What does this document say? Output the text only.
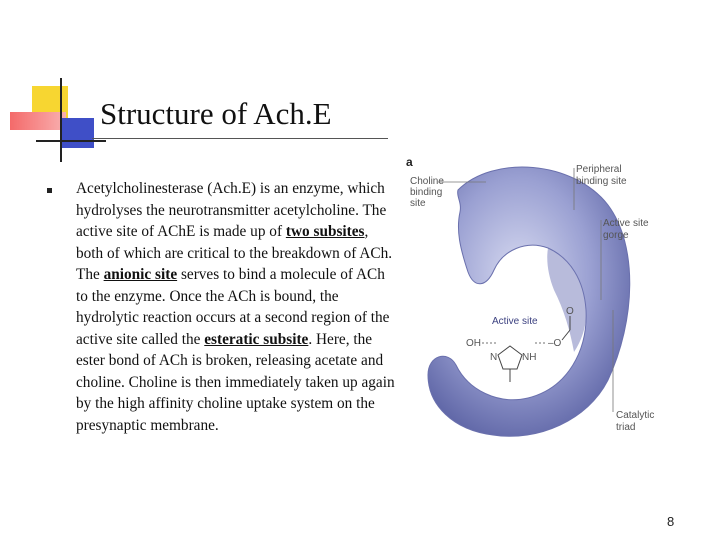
Structure of Ach.E
Acetylcholinesterase (Ach.E) is an enzyme, which hydrolyses the neurotransmitter acetylcholine. The active site of AChE is made up of two subsites, both of which are critical to the breakdown of ACh. The anionic site serves to bind a molecule of ACh to the enzyme. Once the ACh is bound, the hydrolytic reaction occurs at a second region of the active site called the esteratic subsite. Here, the ester bond of ACh is broken, releasing acetate and choline. Choline is then immediately taken up again by the high affinity choline uptake system on the presynaptic membrane.
a
Choline
binding
site
Peripheral
binding site
Active site
gorge
Active site
OH
N NH
–O
O
Catalytic
triad
8
